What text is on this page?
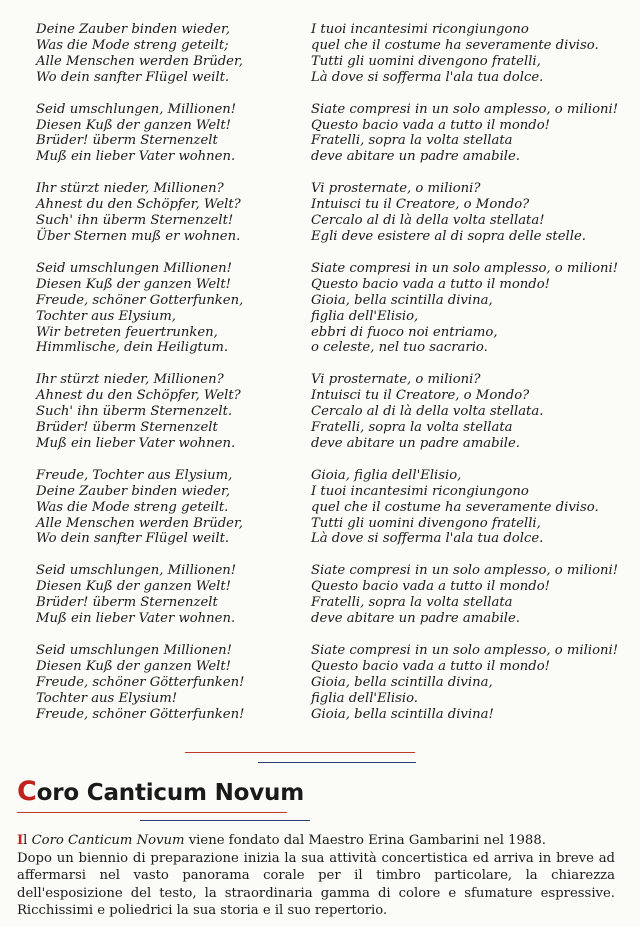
Deine Zauber binden wieder,
Was die Mode streng geteilt;
Alle Menschen werden Brüder,
Wo dein sanfter Flügel weilt.
I tuoi incantesimi ricongiungono
quel che il costume ha severamente diviso.
Tutti gli uomini divengono fratelli,
Là dove si sofferma l'ala tua dolce.
Seid umschlungen, Millionen!
Diesen Kuß der ganzen Welt!
Brüder! überm Sternenzelt
Muß ein lieber Vater wohnen.
Siate compresi in un solo amplesso, o milioni!
Questo bacio vada a tutto il mondo!
Fratelli, sopra la volta stellata
deve abitare un padre amabile.
Ihr stürzt nieder, Millionen?
Ahnest du den Schöpfer, Welt?
Such' ihn überm Sternenzelt!
Über Sternen muß er wohnen.
Vi prosternate, o milioni?
Intuisci tu il Creatore, o Mondo?
Cercalo al di là della volta stellata!
Egli deve esistere al di sopra delle stelle.
Seid umschlungen Millionen!
Diesen Kuß der ganzen Welt!
Freude, schöner Gotterfunken,
Tochter aus Elysium,
Wir betreten feuertrunken,
Himmlische, dein Heiligtum.
Siate compresi in un solo amplesso, o milioni!
Questo bacio vada a tutto il mondo!
Gioia, bella scintilla divina,
figlia dell'Elisio,
ebbri di fuoco noi entriamo,
o celeste, nel tuo sacrario.
Ihr stürzt nieder, Millionen?
Ahnest du den Schöpfer, Welt?
Such' ihn überm Sternenzelt.
Brüder! überm Sternenzelt
Muß ein lieber Vater wohnen.
Vi prosternate, o milioni?
Intuisci tu il Creatore, o Mondo?
Cercalo al di là della volta stellata.
Fratelli, sopra la volta stellata
deve abitare un padre amabile.
Freude, Tochter aus Elysium,
Deine Zauber binden wieder,
Was die Mode streng geteilt.
Alle Menschen werden Brüder,
Wo dein sanfter Flügel weilt.
Gioia, figlia dell'Elisio,
I tuoi incantesimi ricongiungono
quel che il costume ha severamente diviso.
Tutti gli uomini divengono fratelli,
Là dove si sofferma l'ala tua dolce.
Seid umschlungen, Millionen!
Diesen Kuß der ganzen Welt!
Brüder! überm Sternenzelt
Muß ein lieber Vater wohnen.
Siate compresi in un solo amplesso, o milioni!
Questo bacio vada a tutto il mondo!
Fratelli, sopra la volta stellata
deve abitare un padre amabile.
Seid umschlungen Millionen!
Diesen Kuß der ganzen Welt!
Freude, schöner Götterfunken!
Tochter aus Elysium!
Freude, schöner Götterfunken!
Siate compresi in un solo amplesso, o milioni!
Questo bacio vada a tutto il mondo!
Gioia, bella scintilla divina,
figlia dell'Elisio.
Gioia, bella scintilla divina!
Coro Canticum Novum

Il Coro Canticum Novum viene fondato dal Maestro Erina Gambarini nel 1988.

Dopo un biennio di preparazione inizia la sua attività concertistica ed arriva in breve ad affermarsi nel vasto panorama corale per il timbro particolare, la chiarezza dell'esposizione del testo, la straordinaria gamma di colore e sfumature espressive. Ricchissimi e poliedrici la sua storia e il suo repertorio.
